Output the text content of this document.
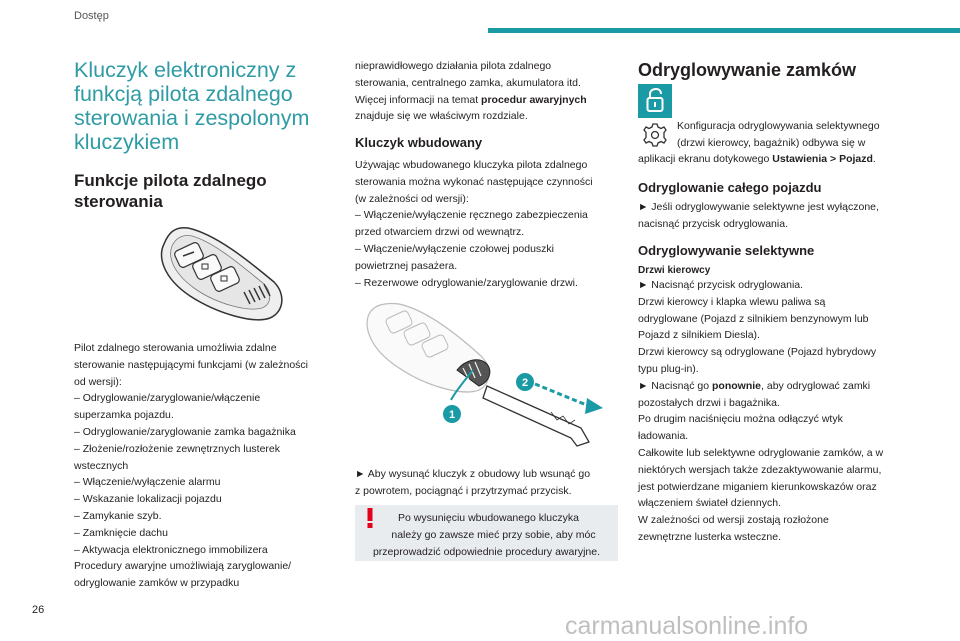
Dostęp
Kluczyk elektroniczny z
funkcją pilota zdalnego
sterowania i zespolonym
kluczykiem
Funkcje pilota zdalnego
sterowania
Pilot zdalnego sterowania umożliwia zdalne
sterowanie następującymi funkcjami (w zależności
od wersji):
– Odryglowanie/zaryglowanie/włączenie
superzamka pojazdu.
– Odryglowanie/zaryglowanie zamka bagażnika
– Złożenie/rozłożenie zewnętrznych lusterek
wstecznych
– Włączenie/wyłączenie alarmu
– Wskazanie lokalizacji pojazdu
– Zamykanie szyb.
– Zamknięcie dachu
– Aktywacja elektronicznego immobilizera
Procedury awaryjne umożliwiają zaryglowanie/
odryglowanie zamków w przypadku
nieprawidłowego działania pilota zdalnego
sterowania, centralnego zamka, akumulatora itd.
Więcej informacji na temat procedur awaryjnych
znajduje się we właściwym rozdziale.
Kluczyk wbudowany
Używając wbudowanego kluczyka pilota zdalnego
sterowania można wykonać następujące czynności
(w zależności od wersji):
– Włączenie/wyłączenie ręcznego zabezpieczenia
przed otwarciem drzwi od wewnątrz.
– Włączenie/wyłączenie czołowej poduszki
powietrznej pasażera.
– Rezerwowe odryglowanie/zaryglowanie drzwi.
2
1
► Aby wysunąć kluczyk z obudowy lub wsunąć go
z powrotem, pociągnąć i przytrzymać przycisk.
Po wysunięciu wbudowanego kluczyka
należy go zawsze mieć przy sobie, aby móc
przeprowadzić odpowiednie procedury awaryjne.
Odryglowywanie zamków
Konfiguracja odryglowywania selektywnego
(drzwi kierowcy, bagażnik) odbywa się w
aplikacji ekranu dotykowego Ustawienia > Pojazd.
Odryglowanie całego pojazdu
► Jeśli odryglowywanie selektywne jest wyłączone,
nacisnąć przycisk odryglowania.
Odryglowywanie selektywne
Drzwi kierowcy
► Nacisnąć przycisk odryglowania.
Drzwi kierowcy i klapka wlewu paliwa są
odryglowane (Pojazd z silnikiem benzynowym lub
Pojazd z silnikiem Diesla).
Drzwi kierowcy są odryglowane (Pojazd hybrydowy
typu plug-in).
► Nacisnąć go ponownie, aby odryglować zamki
pozostałych drzwi i bagażnika.
Po drugim naciśnięciu można odłączyć wtyk
ładowania.
Całkowite lub selektywne odryglowanie zamków, a w
niektórych wersjach także zdezaktywowanie alarmu,
jest potwierdzane miganiem kierunkowskazów oraz
włączeniem świateł dziennych.
W zależności od wersji zostają rozłożone
zewnętrzne lusterka wsteczne.
26
carmanualsonline.info
